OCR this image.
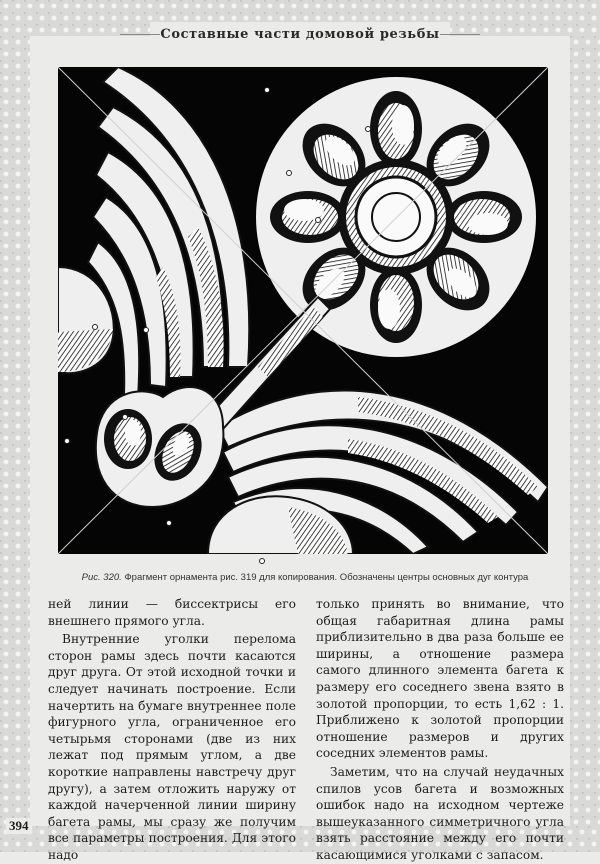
Составные части домовой резьбы
Рис. 320. Фрагмент орнамента рис. 319 для копирования. Обозначены центры основных дуг контура

ней линии — биссектрисы его внешнего прямого угла.

Внутренние уголки перелома сторон рамы здесь почти касаются друг друга. От этой исходной точки и следует начинать построение. Если начертить на бумаге внутреннее поле фигурного угла, ограниченное его четырьмя сторонами (две из них лежат под прямым углом, а две короткие направлены навстречу друг другу), а затем отложить наружу от каждой начерченной линии ширину багета рамы, мы сразу же получим все параметры построения. Для этого надо

только принять во внимание, что общая габаритная длина рамы приблизительно в два раза больше ее ширины, а отношение размера самого длинного элемента багета к размеру его соседнего звена взято в золотой пропорции, то есть 1,62 : 1. Приближено к золотой пропорции отношение размеров и других соседних элементов рамы.

Заметим, что на случай неудачных спилов усов багета и возможных ошибок надо на исходном чертеже вышеуказанного симметричного угла взять расстояние между его почти касающимися уголками с запасом.

394
